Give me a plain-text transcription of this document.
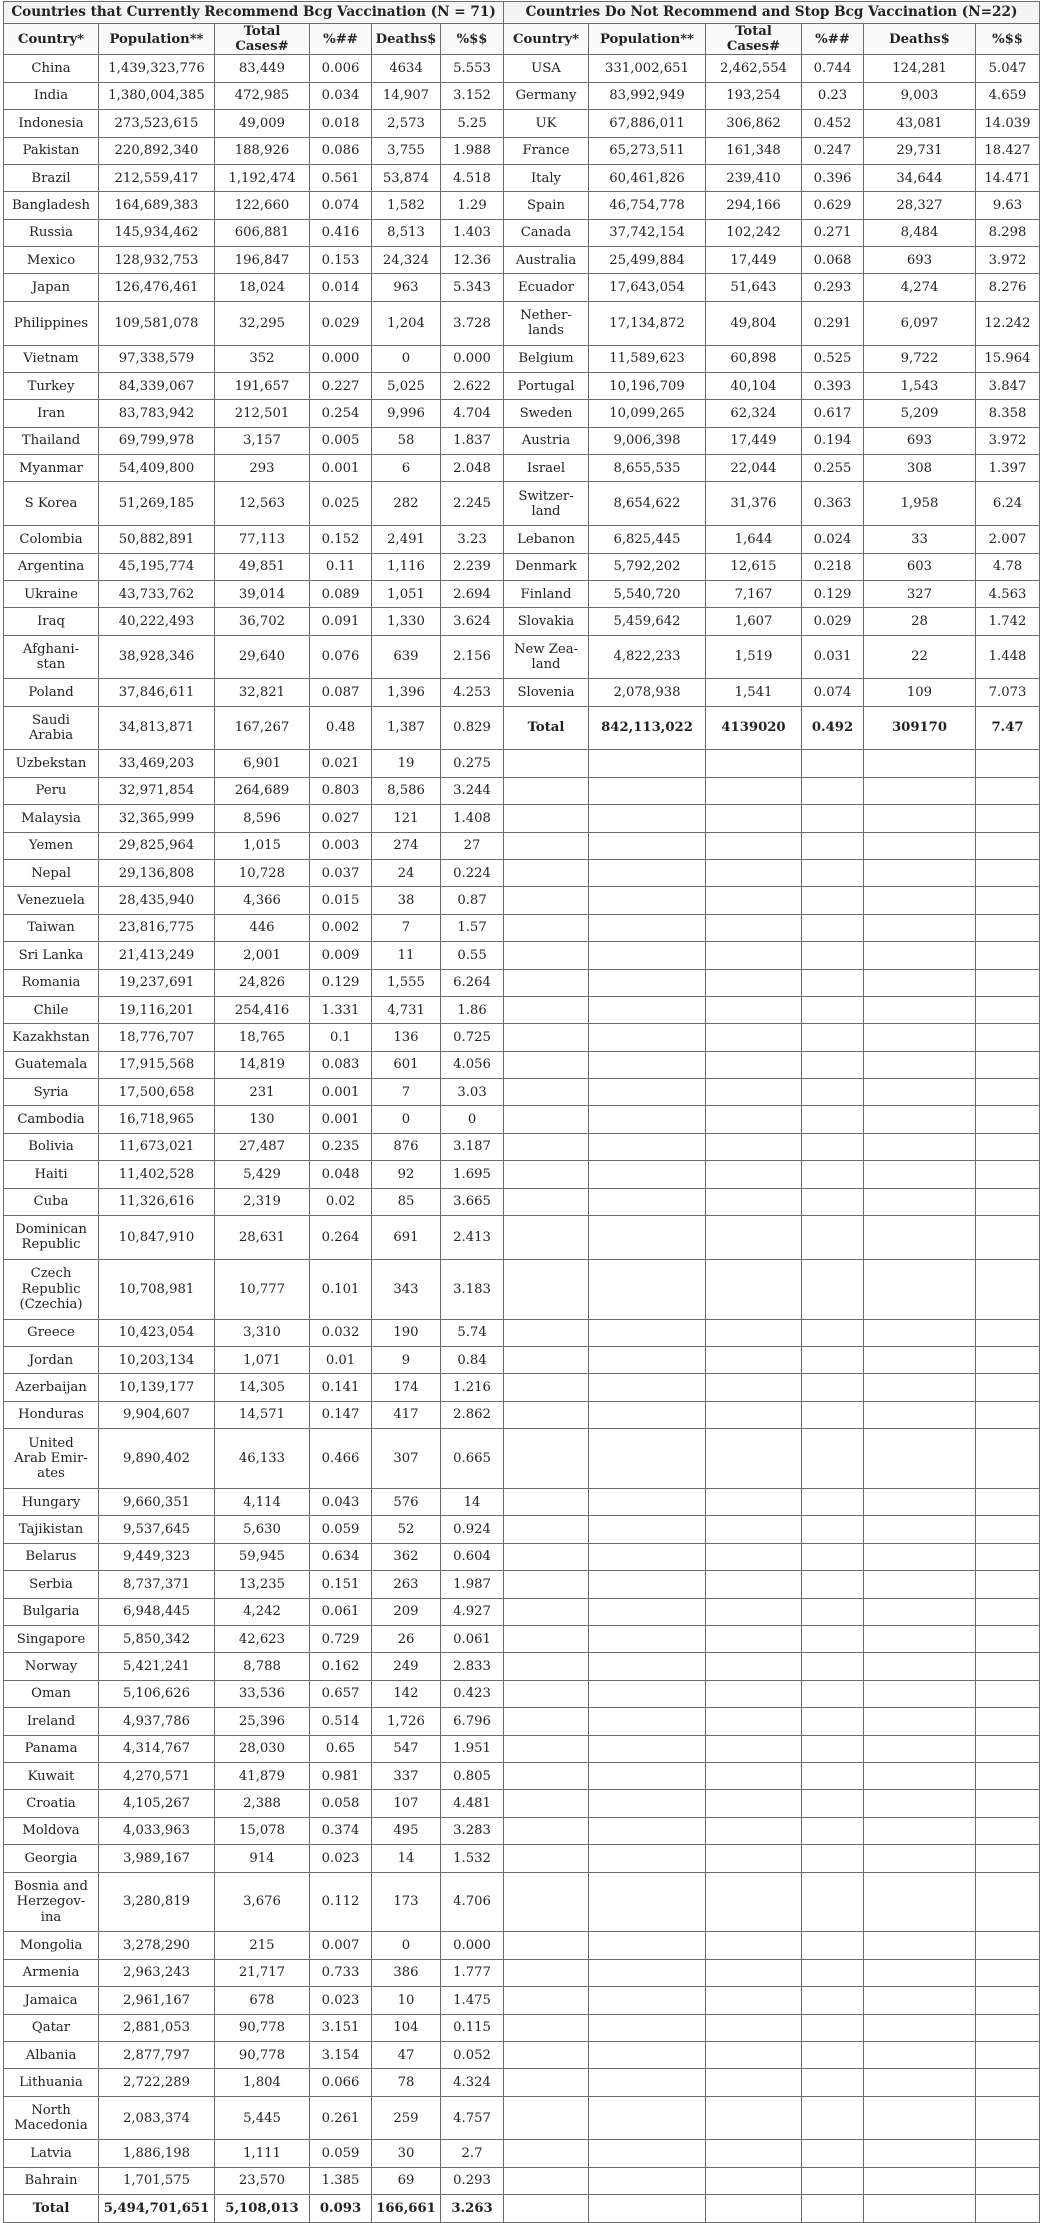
Countries that Currently Recommend Bcg Vaccination (N = 71)					
Country*	Population**	Total Cases#	%##	Deaths$	%$$
China	1,439,323,776	83,449	0.006	4634	5.553
India	1,380,004,385	472,985	0.034	14,907	3.152
Indonesia	273,523,615	49,009	0.018	2,573	5.25
Pakistan	220,892,340	188,926	0.086	3,755	1.988
Brazil	212,559,417	1,192,474	0.561	53,874	4.518
Bangladesh	164,689,383	122,660	0.074	1,582	1.29
Russia	145,934,462	606,881	0.416	8,513	1.403
Mexico	128,932,753	196,847	0.153	24,324	12.36
Japan	126,476,461	18,024	0.014	963	5.343
Philippines	109,581,078	32,295	0.029	1,204	3.728
Vietnam	97,338,579	352	0.000	0	0.000
Turkey	84,339,067	191,657	0.227	5,025	2.622
Iran	83,783,942	212,501	0.254	9,996	4.704
Thailand	69,799,978	3,157	0.005	58	1.837
Myanmar	54,409,800	293	0.001	6	2.048
S Korea	51,269,185	12,563	0.025	282	2.245
Colombia	50,882,891	77,113	0.152	2,491	3.23
Argentina	45,195,774	49,851	0.11	1,116	2.239
Ukraine	43,733,762	39,014	0.089	1,051	2.694
Iraq	40,222,493	36,702	0.091	1,330	3.624
Afghani-
stan	38,928,346	29,640	0.076	639	2.156
Poland	37,846,611	32,821	0.087	1,396	4.253
Saudi
Arabia	34,813,871	167,267	0.48	1,387	0.829
Uzbekstan	33,469,203	6,901	0.021	19	0.275
Peru	32,971,854	264,689	0.803	8,586	3.244
Malaysia	32,365,999	8,596	0.027	121	1.408
Yemen	29,825,964	1,015	0.003	274	27
Nepal	29,136,808	10,728	0.037	24	0.224
Venezuela	28,435,940	4,366	0.015	38	0.87
Taiwan	23,816,775	446	0.002	7	1.57
Sri Lanka	21,413,249	2,001	0.009	11	0.55
Romania	19,237,691	24,826	0.129	1,555	6.264
Chile	19,116,201	254,416	1.331	4,731	1.86
Kazakhstan	18,776,707	18,765	0.1	136	0.725
Guatemala	17,915,568	14,819	0.083	601	4.056
Syria	17,500,658	231	0.001	7	3.03
Cambodia	16,718,965	130	0.001	0	0
Bolivia	11,673,021	27,487	0.235	876	3.187
Haiti	11,402,528	5,429	0.048	92	1.695
Cuba	11,326,616	2,319	0.02	85	3.665
Dominican
Republic	10,847,910	28,631	0.264	691	2.413
Czech
Republic
(Czechia)	10,708,981	10,777	0.101	343	3.183
Greece	10,423,054	3,310	0.032	190	5.74
Jordan	10,203,134	1,071	0.01	9	0.84
Azerbaijan	10,139,177	14,305	0.141	174	1.216
Honduras	9,904,607	14,571	0.147	417	2.862
United
Arab Emir-
ates	9,890,402	46,133	0.466	307	0.665
Hungary	9,660,351	4,114	0.043	576	14
Tajikistan	9,537,645	5,630	0.059	52	0.924
Belarus	9,449,323	59,945	0.634	362	0.604
Serbia	8,737,371	13,235	0.151	263	1.987
Bulgaria	6,948,445	4,242	0.061	209	4.927
Singapore	5,850,342	42,623	0.729	26	0.061
Norway	5,421,241	8,788	0.162	249	2.833
Oman	5,106,626	33,536	0.657	142	0.423
Ireland	4,937,786	25,396	0.514	1,726	6.796
Panama	4,314,767	28,030	0.65	547	1.951
Kuwait	4,270,571	41,879	0.981	337	0.805
Croatia	4,105,267	2,388	0.058	107	4.481
Moldova	4,033,963	15,078	0.374	495	3.283
Georgia	3,989,167	914	0.023	14	1.532
Bosnia and
Herzegov-
ina	3,280,819	3,676	0.112	173	4.706
Mongolia	3,278,290	215	0.007	0	0.000
Armenia	2,963,243	21,717	0.733	386	1.777
Jamaica	2,961,167	678	0.023	10	1.475
Qatar	2,881,053	90,778	3.151	104	0.115
Albania	2,877,797	90,778	3.154	47	0.052
Lithuania	2,722,289	1,804	0.066	78	4.324
North
Macedonia	2,083,374	5,445	0.261	259	4.757
Latvia	1,886,198	1,111	0.059	30	2.7
Bahrain	1,701,575	23,570	1.385	69	0.293
Total	5,494,701,651	5,108,013	0.093	166,661	3.263
Countries Do Not Recommend and Stop Bcg Vaccination (N=22)					
Country*	Population**	Total Cases#	%##	Deaths$	%$$
USA	331,002,651	2,462,554	0.744	124,281	5.047
Germany	83,992,949	193,254	0.23	9,003	4.659
UK	67,886,011	306,862	0.452	43,081	14.039
France	65,273,511	161,348	0.247	29,731	18.427
Italy	60,461,826	239,410	0.396	34,644	14.471
Spain	46,754,778	294,166	0.629	28,327	9.63
Canada	37,742,154	102,242	0.271	8,484	8.298
Australia	25,499,884	17,449	0.068	693	3.972
Ecuador	17,643,054	51,643	0.293	4,274	8.276
Nether-
lands	17,134,872	49,804	0.291	6,097	12.242
Belgium	11,589,623	60,898	0.525	9,722	15.964
Portugal	10,196,709	40,104	0.393	1,543	3.847
Sweden	10,099,265	62,324	0.617	5,209	8.358
Austria	9,006,398	17,449	0.194	693	3.972
Israel	8,655,535	22,044	0.255	308	1.397
Switzer-
land	8,654,622	31,376	0.363	1,958	6.24
Lebanon	6,825,445	1,644	0.024	33	2.007
Denmark	5,792,202	12,615	0.218	603	4.78
Finland	5,540,720	7,167	0.129	327	4.563
Slovakia	5,459,642	1,607	0.029	28	1.742
New Zea-
land	4,822,233	1,519	0.031	22	1.448
Slovenia	2,078,938	1,541	0.074	109	7.073
Total	842,113,022	4139020	0.492	309170	7.47
